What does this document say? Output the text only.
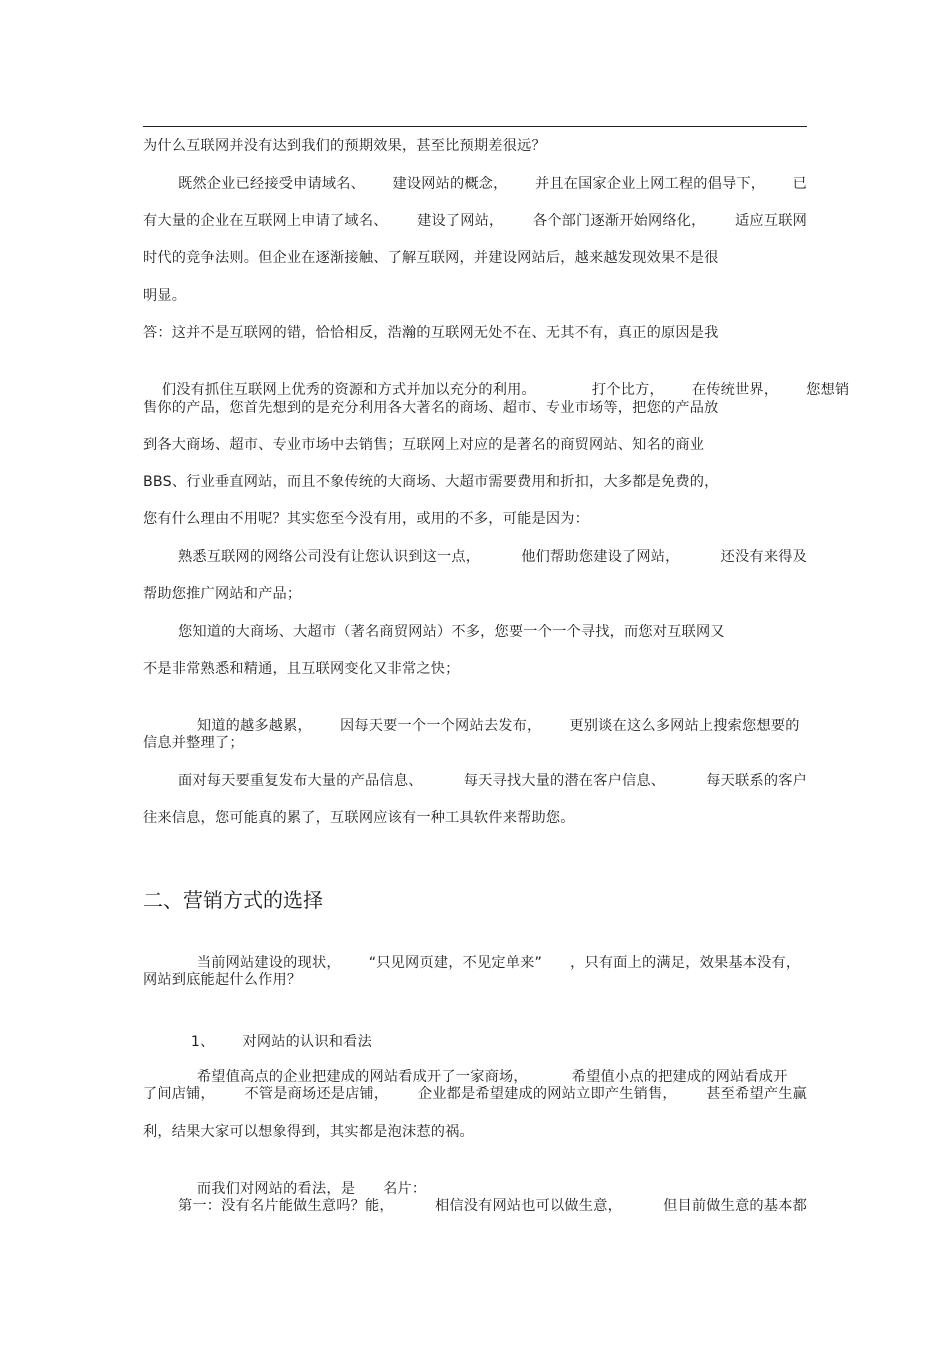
为什么互联网并没有达到我们的预期效果，甚至比预期差很远？
既然企业已经接受申请域名、 建设网站的概念， 并且在国家企业上网工程的倡导下， 已
有大量的企业在互联网上申请了域名、 建设了网站， 各个部门逐渐开始网络化， 适应互联网
时代的竞争法则。但企业在逐渐接触、了解互联网，并建设网站后，越来越发现效果不是很
明显。
答：这并不是互联网的错，恰恰相反，浩瀚的互联网无处不在、无其不有，真正的原因是我

们没有抓住互联网上优秀的资源和方式并加以充分的利用。	打个比方， 在传统世界， 您想销

售你的产品，您首先想到的是充分利用各大著名的商场、超市、专业市场等，把您的产品放
到各大商场、超市、专业市场中去销售；互联网上对应的是著名的商贸网站、知名的商业
BBS、行业垂直网站，而且不象传统的大商场、大超市需要费用和折扣，大多都是免费的，
您有什么理由不用呢？其实您至今没有用，或用的不多，可能是因为：
熟悉互联网的网络公司没有让您认识到这一点，	他们帮助您建设了网站，	还没有来得及
帮助您推广网站和产品；
您知道的大商场、大超市（著名商贸网站）不多，您要一个一个寻找，而您对互联网又
不是非常熟悉和精通，且互联网变化又非常之快；

知道的越多越累， 因每天要一个一个网站去发布， 更别谈在这么多网站上搜索您想要的

信息并整理了；
面对每天要重复发布大量的产品信息、	每天寻找大量的潜在客户信息、	每天联系的客户
往来信息，您可能真的累了，互联网应该有一种工具软件来帮助您。
二、营销方式的选择

当前网站建设的现状， “只见网页建，不见定单来” ，只有面上的满足，效果基本没有，

网站到底能起什么作用？

1、 对网站的认识和看法

希望值高点的企业把建成的网站看成开了一家商场，	希望值小点的把建成的网站看成开

了间店铺， 不管是商场还是店铺， 企业都是希望建成的网站立即产生销售， 甚至希望产生赢
利，结果大家可以想象得到，其实都是泡沫惹的祸。

而我们对网站的看法，是 名片：

第一：没有名片能做生意吗？能，	相信没有网站也可以做生意，	但目前做生意的基本都
